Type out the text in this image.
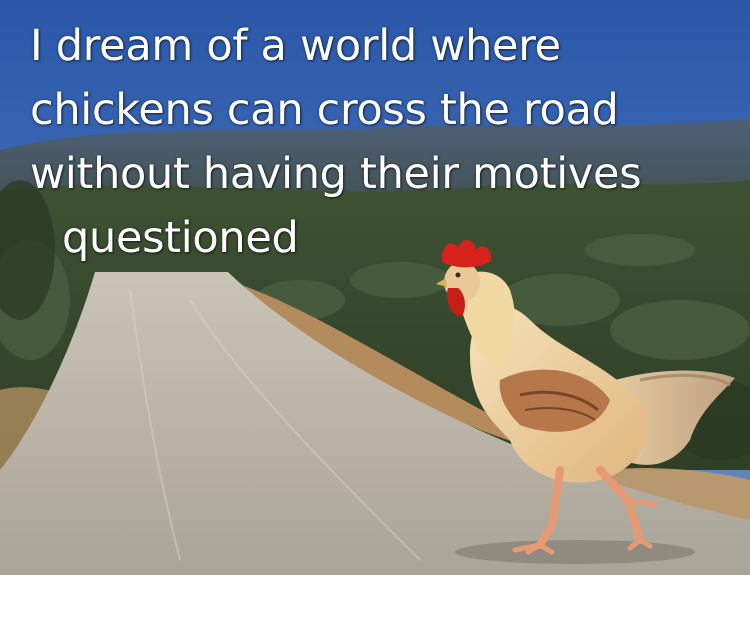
I dream of a world where
chickens can cross the road
without having their motives
questioned
